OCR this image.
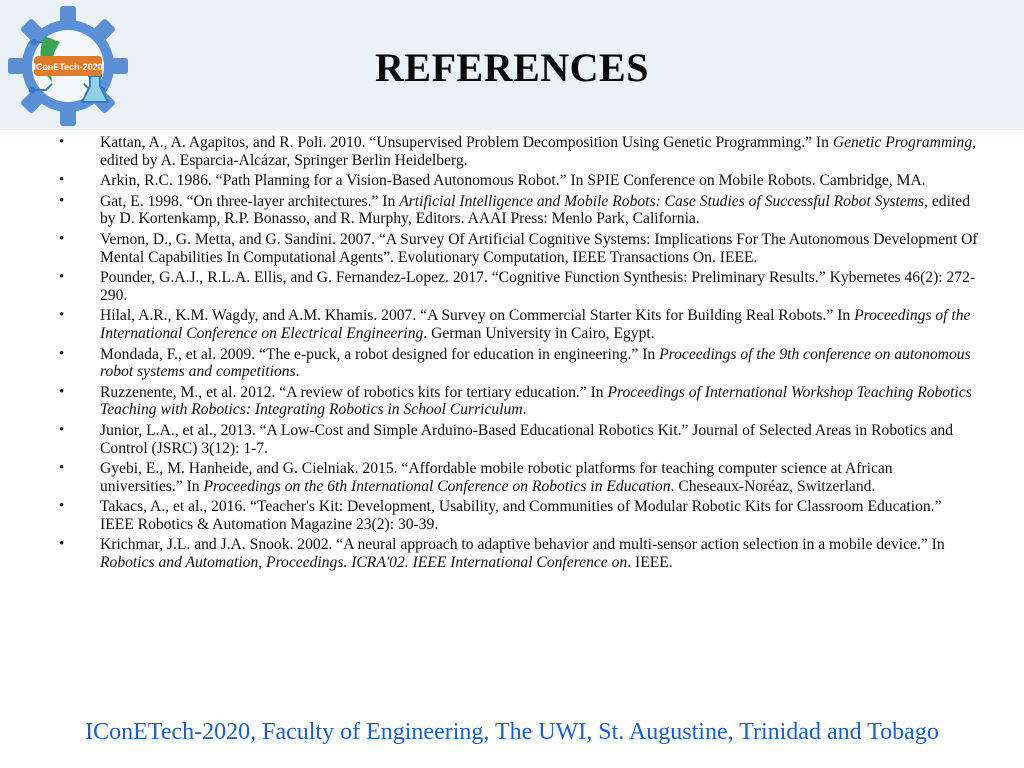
IConETech-2020	REFERENCES
• Kattan, A., A. Agapitos, and R. Poli. 2010. “Unsupervised Problem Decomposition Using Genetic Programming.” In Genetic Programming, edited by A. Esparcia-Alcázar, Springer Berlin Heidelberg.
• Arkin, R.C. 1986. “Path Planning for a Vision-Based Autonomous Robot.” In SPIE Conference on Mobile Robots. Cambridge, MA.
• Gat, E. 1998. “On three-layer architectures.” In Artificial Intelligence and Mobile Robots: Case Studies of Successful Robot Systems, edited by D. Kortenkamp, R.P. Bonasso, and R. Murphy, Editors. AAAI Press: Menlo Park, California.
• Vernon, D., G. Metta, and G. Sandini. 2007. “A Survey Of Artificial Cognitive Systems: Implications For The Autonomous Development Of Mental Capabilities In Computational Agents”. Evolutionary Computation, IEEE Transactions On. IEEE.
• Pounder, G.A.J., R.L.A. Ellis, and G. Fernandez-Lopez. 2017. “Cognitive Function Synthesis: Preliminary Results.” Kybernetes 46(2): 272-290.
• Hilal, A.R., K.M. Wagdy, and A.M. Khamis. 2007. “A Survey on Commercial Starter Kits for Building Real Robots.” In Proceedings of the International Conference on Electrical Engineering. German University in Cairo, Egypt.
• Mondada, F., et al. 2009. “The e-puck, a robot designed for education in engineering.” In Proceedings of the 9th conference on autonomous robot systems and competitions.
• Ruzzenente, M., et al. 2012. “A review of robotics kits for tertiary education.” In Proceedings of International Workshop Teaching Robotics Teaching with Robotics: Integrating Robotics in School Curriculum.
• Junior, L.A., et al., 2013. “A Low-Cost and Simple Arduino-Based Educational Robotics Kit.” Journal of Selected Areas in Robotics and Control (JSRC) 3(12): 1-7.
• Gyebi, E., M. Hanheide, and G. Cielniak. 2015. “Affordable mobile robotic platforms for teaching computer science at African universities.” In Proceedings on the 6th International Conference on Robotics in Education. Cheseaux-Noréaz, Switzerland.
• Takacs, A., et al., 2016. “Teacher's Kit: Development, Usability, and Communities of Modular Robotic Kits for Classroom Education.” IEEE Robotics & Automation Magazine 23(2): 30-39.
• Krichmar, J.L. and J.A. Snook. 2002. “A neural approach to adaptive behavior and multi-sensor action selection in a mobile device.” In Robotics and Automation, Proceedings. ICRA'02. IEEE International Conference on. IEEE.
IConETech-2020, Faculty of Engineering, The UWI, St. Augustine, Trinidad and Tobago
